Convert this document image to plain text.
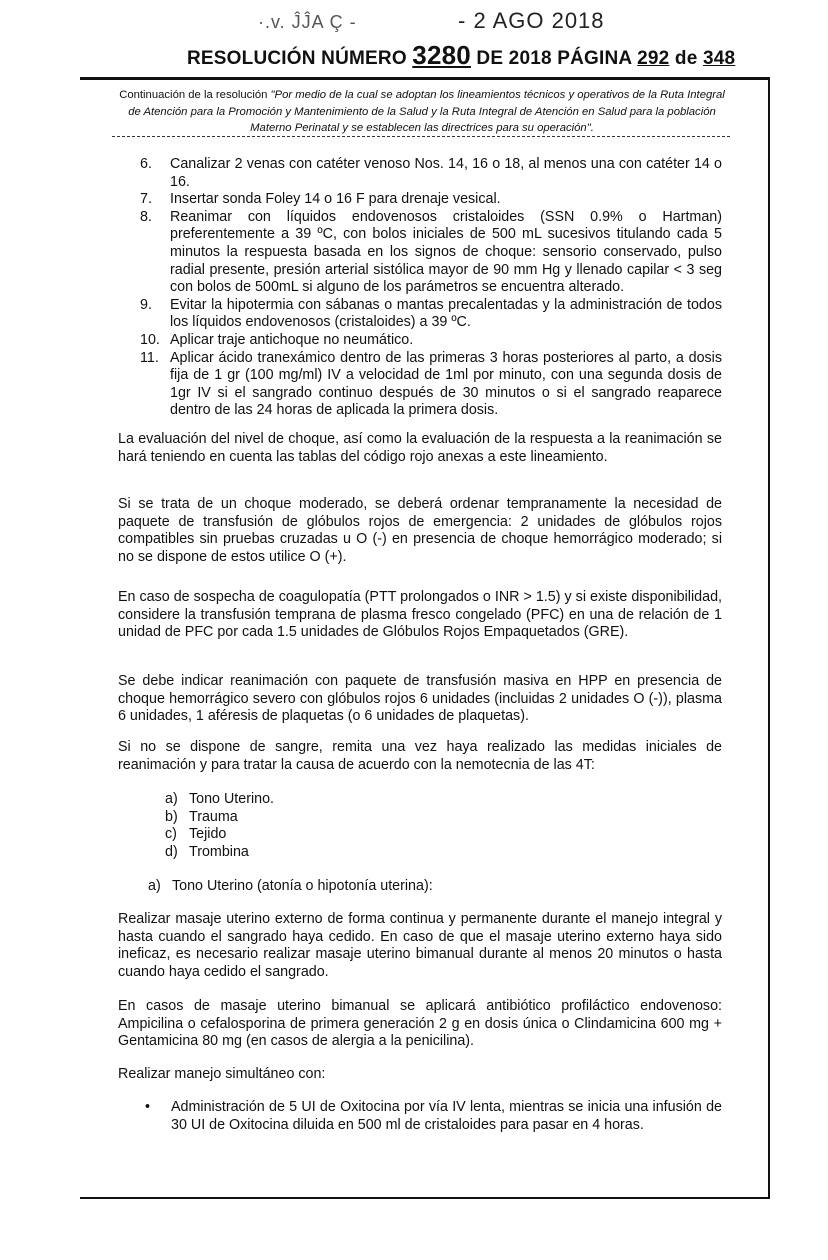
·.v. ĴĴA Ç -	- 2 AGO 2018
RESOLUCIÓN NÚMERO 3280 DE 2018 PÁGINA 292 de 348
Continuación de la resolución "Por medio de la cual se adoptan los lineamientos técnicos y operativos de la Ruta Integral de Atención para la Promoción y Mantenimiento de la Salud y la Ruta Integral de Atención en Salud para la población Materno Perinatal y se establecen las directrices para su operación".
6. Canalizar 2 venas con catéter venoso Nos. 14, 16 o 18, al menos una con catéter 14 o 16.
7. Insertar sonda Foley 14 o 16 F para drenaje vesical.
8. Reanimar con líquidos endovenosos cristaloides (SSN 0.9% o Hartman) preferentemente a 39 ºC, con bolos iniciales de 500 mL sucesivos titulando cada 5 minutos la respuesta basada en los signos de choque: sensorio conservado, pulso radial presente, presión arterial sistólica mayor de 90 mm Hg y llenado capilar < 3 seg con bolos de 500mL si alguno de los parámetros se encuentra alterado.
9. Evitar la hipotermia con sábanas o mantas precalentadas y la administración de todos los líquidos endovenosos (cristaloides) a 39 ºC.
10. Aplicar traje antichoque no neumático.
11. Aplicar ácido tranexámico dentro de las primeras 3 horas posteriores al parto, a dosis fija de 1 gr (100 mg/ml) IV a velocidad de 1ml por minuto, con una segunda dosis de 1gr IV si el sangrado continuo después de 30 minutos o si el sangrado reaparece dentro de las 24 horas de aplicada la primera dosis.

La evaluación del nivel de choque, así como la evaluación de la respuesta a la reanimación se hará teniendo en cuenta las tablas del código rojo anexas a este lineamiento.

Si se trata de un choque moderado, se deberá ordenar tempranamente la necesidad de paquete de transfusión de glóbulos rojos de emergencia: 2 unidades de glóbulos rojos compatibles sin pruebas cruzadas u O (-) en presencia de choque hemorrágico moderado; si no se dispone de estos utilice O (+).

En caso de sospecha de coagulopatía (PTT prolongados o INR > 1.5) y si existe disponibilidad, considere la transfusión temprana de plasma fresco congelado (PFC) en una de relación de 1 unidad de PFC por cada 1.5 unidades de Glóbulos Rojos Empaquetados (GRE).

Se debe indicar reanimación con paquete de transfusión masiva en HPP en presencia de choque hemorrágico severo con glóbulos rojos 6 unidades (incluidas 2 unidades O (-)), plasma 6 unidades, 1 aféresis de plaquetas (o 6 unidades de plaquetas).

Si no se dispone de sangre, remita una vez haya realizado las medidas iniciales de reanimación y para tratar la causa de acuerdo con la nemotecnia de las 4T:

a) Tono Uterino.
b) Trauma
c) Tejido
d) Trombina
a) Tono Uterino (atonía o hipotonía uterina):

Realizar masaje uterino externo de forma continua y permanente durante el manejo integral y hasta cuando el sangrado haya cedido. En caso de que el masaje uterino externo haya sido ineficaz, es necesario realizar masaje uterino bimanual durante al menos 20 minutos o hasta cuando haya cedido el sangrado.

En casos de masaje uterino bimanual se aplicará antibiótico profiláctico endovenoso: Ampicilina o cefalosporina de primera generación 2 g en dosis única o Clindamicina 600 mg + Gentamicina 80 mg (en casos de alergia a la penicilina).

Realizar manejo simultáneo con:

• Administración de 5 UI de Oxitocina por vía IV lenta, mientras se inicia una infusión de 30 UI de Oxitocina diluida en 500 ml de cristaloides para pasar en 4 horas.
